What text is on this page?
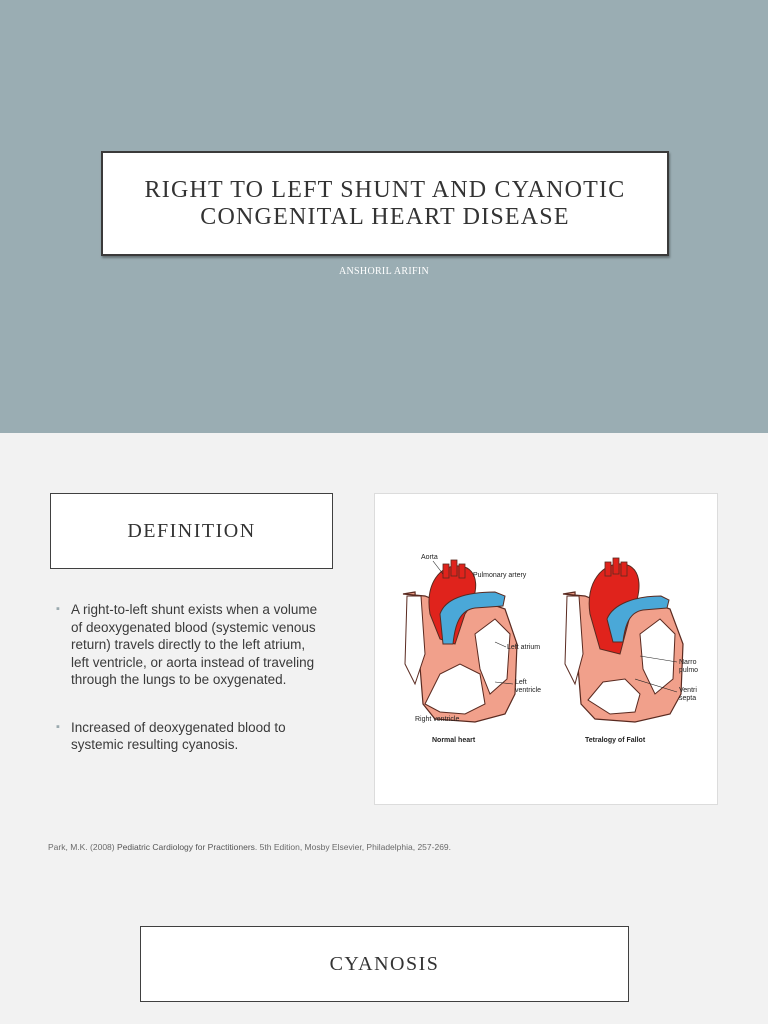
RIGHT TO LEFT SHUNT AND CYANOTIC
CONGENITAL HEART DISEASE
ANSHORIL ARIFIN
DEFINITION
▪ A right-to-left shunt exists when a volume of deoxygenated blood (systemic venous return) travels directly to the left atrium, left ventricle, or aorta instead of traveling through the lungs to be oxygenated.
▪ Increased of deoxygenated blood to systemic resulting cyanosis.
Aorta
Pulmonary artery
Left atrium
Left
ventricle
Right ventricle
Narro
pulmo
Ventri
septa
Normal heart	Tetralogy of Fallot
Park, M.K. (2008) Pediatric Cardiology for Practitioners. 5th Edition, Mosby Elsevier, Philadelphia, 257-269.
CYANOSIS
